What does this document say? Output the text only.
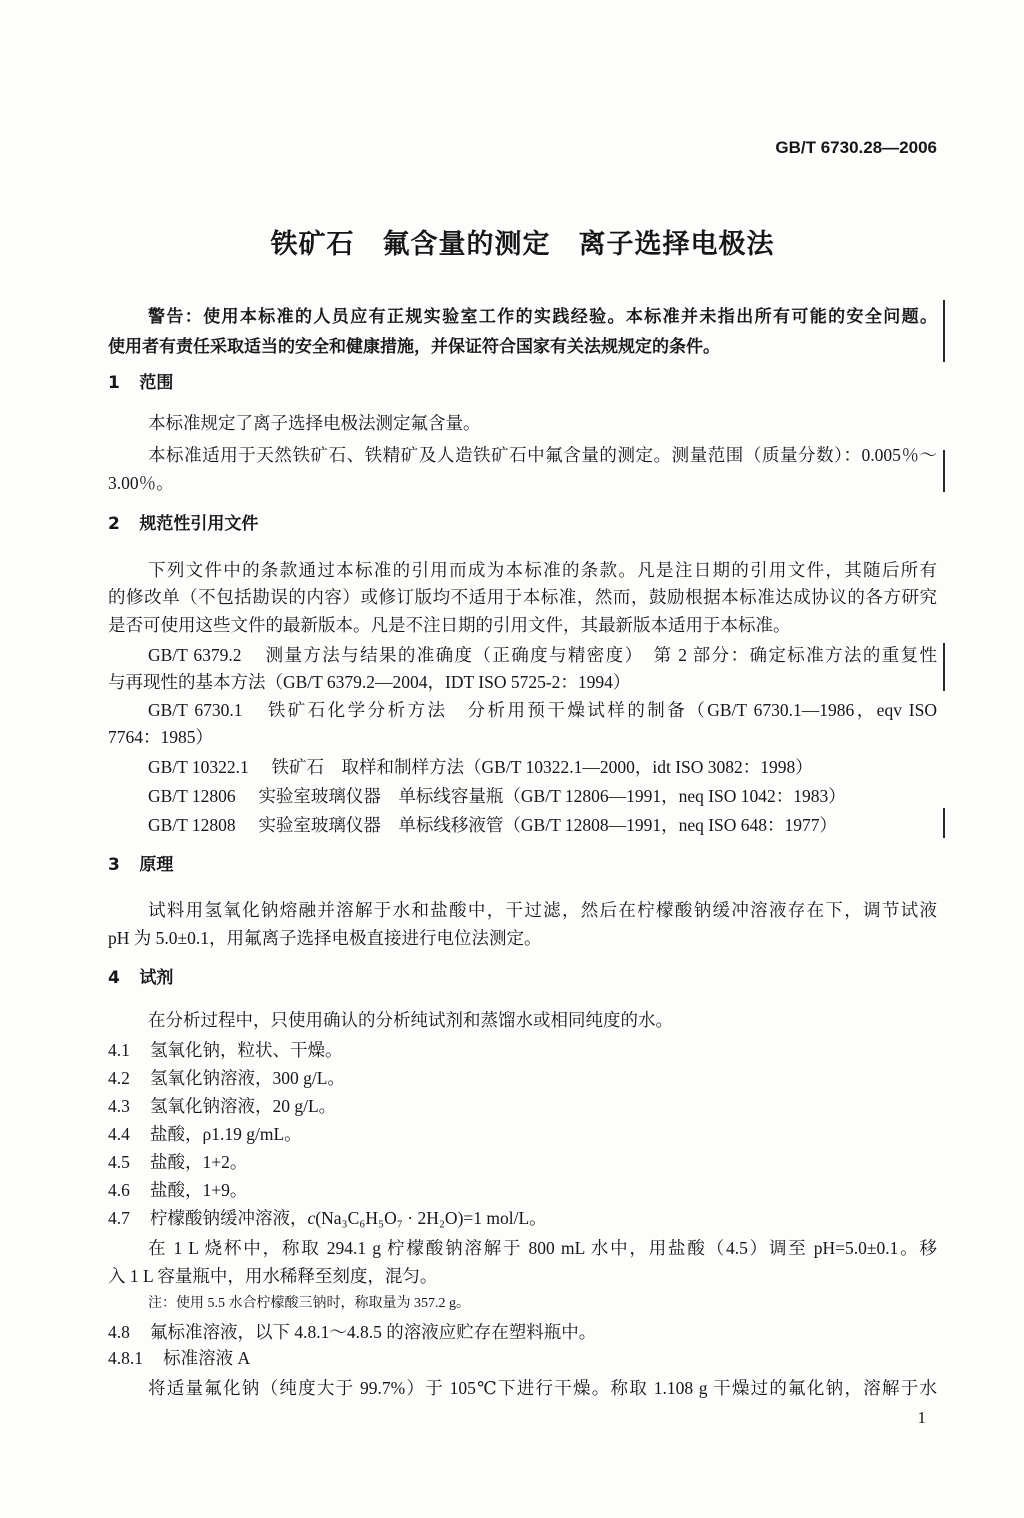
GB/T 6730.28—2006
铁矿石　氟含量的测定　离子选择电极法
警告：使用本标准的人员应有正规实验室工作的实践经验。本标准并未指出所有可能的安全问题。
使用者有责任采取适当的安全和健康措施，并保证符合国家有关法规规定的条件。
1 范围
本标准规定了离子选择电极法测定氟含量。
本标准适用于天然铁矿石、铁精矿及人造铁矿石中氟含量的测定。测量范围（质量分数）：0.005％～
3.00％。
2 规范性引用文件
下列文件中的条款通过本标准的引用而成为本标准的条款。凡是注日期的引用文件，其随后所有
的修改单（不包括勘误的内容）或修订版均不适用于本标准，然而，鼓励根据本标准达成协议的各方研究
是否可使用这些文件的最新版本。凡是不注日期的引用文件，其最新版本适用于本标准。
GB/T 6379.2 测量方法与结果的准确度（正确度与精密度）　第 2 部分：确定标准方法的重复性
与再现性的基本方法（GB/T 6379.2—2004，IDT ISO 5725-2：1994）
GB/T 6730.1 铁矿石化学分析方法　分析用预干燥试样的制备（GB/T 6730.1—1986，eqv ISO
7764：1985）
GB/T 10322.1 铁矿石　取样和制样方法（GB/T 10322.1—2000，idt ISO 3082：1998）
GB/T 12806 实验室玻璃仪器　单标线容量瓶（GB/T 12806—1991，neq ISO 1042：1983）
GB/T 12808 实验室玻璃仪器　单标线移液管（GB/T 12808—1991，neq ISO 648：1977）
3 原理
试料用氢氧化钠熔融并溶解于水和盐酸中，干过滤，然后在柠檬酸钠缓冲溶液存在下，调节试液
pH 为 5.0±0.1，用氟离子选择电极直接进行电位法测定。
4 试剂
在分析过程中，只使用确认的分析纯试剂和蒸馏水或相同纯度的水。
4.1 氢氧化钠，粒状、干燥。
4.2 氢氧化钠溶液，300 g/L。
4.3 氢氧化钠溶液，20 g/L。
4.4 盐酸，ρ1.19 g/mL。
4.5 盐酸，1+2。
4.6 盐酸，1+9。
4.7 柠檬酸钠缓冲溶液，c(Na₃C₆H₅O₇ · 2H₂O)=1 mol/L。
在 1 L 烧杯中，称取 294.1 g 柠檬酸钠溶解于 800 mL 水中，用盐酸（4.5）调至 pH=5.0±0.1。移
入 1 L 容量瓶中，用水稀释至刻度，混匀。
注：使用 5.5 水合柠檬酸三钠时，称取量为 357.2 g。
4.8 氟标准溶液，以下 4.8.1～4.8.5 的溶液应贮存在塑料瓶中。
4.8.1 标准溶液 A
将适量氟化钠（纯度大于 99.7%）于 105℃下进行干燥。称取 1.108 g 干燥过的氟化钠，溶解于水
1
